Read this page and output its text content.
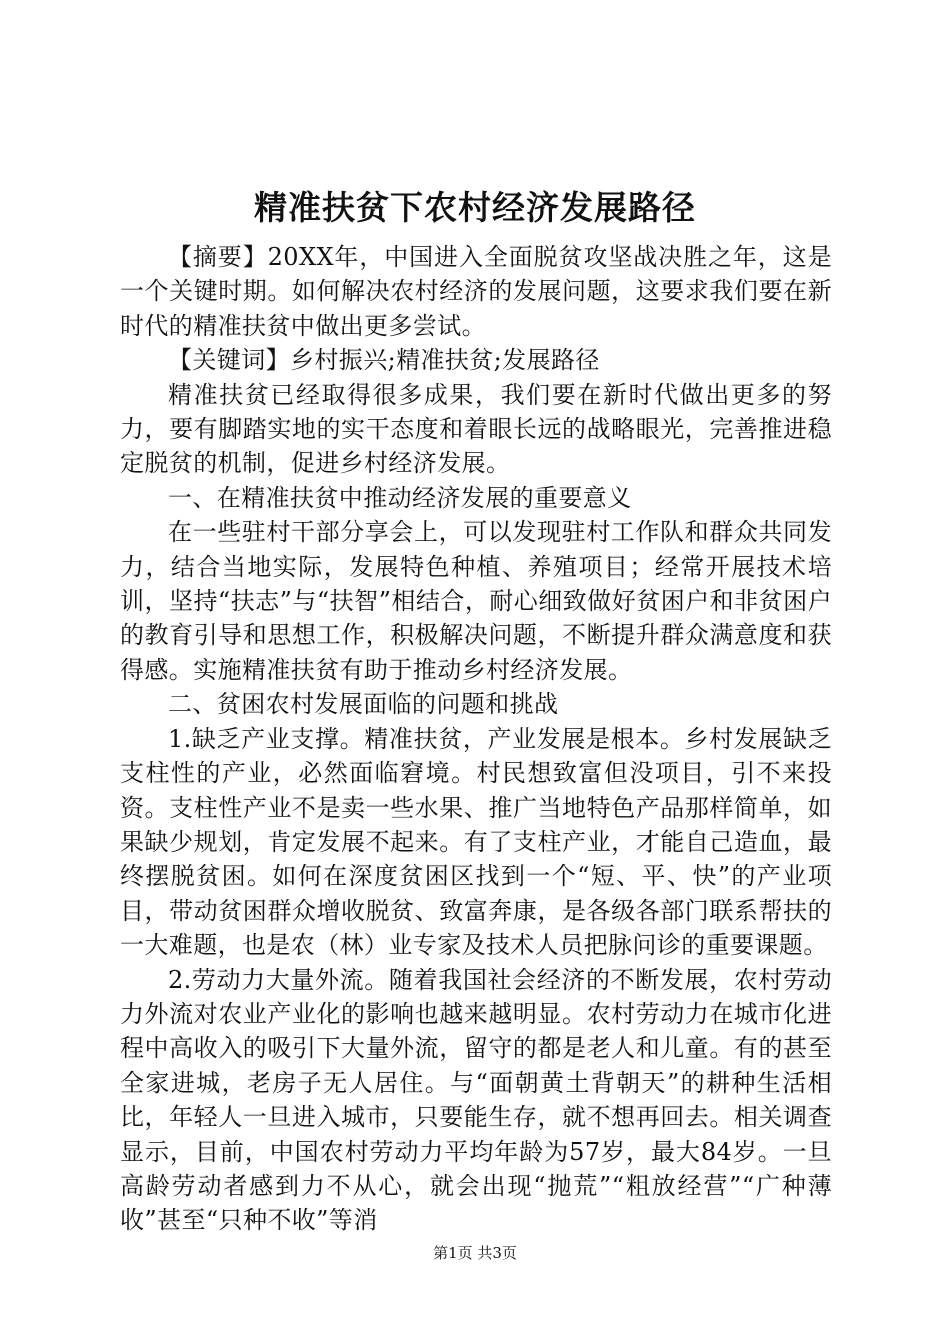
精准扶贫下农村经济发展路径

【摘要】20XX年，中国进入全面脱贫攻坚战决胜之年，这是一个关键时期。如何解决农村经济的发展问题，这要求我们要在新时代的精准扶贫中做出更多尝试。

【关键词】乡村振兴;精准扶贫;发展路径

精准扶贫已经取得很多成果，我们要在新时代做出更多的努力，要有脚踏实地的实干态度和着眼长远的战略眼光，完善推进稳定脱贫的机制，促进乡村经济发展。

一、在精准扶贫中推动经济发展的重要意义

在一些驻村干部分享会上，可以发现驻村工作队和群众共同发力，结合当地实际，发展特色种植、养殖项目；经常开展技术培训，坚持“扶志”与“扶智”相结合，耐心细致做好贫困户和非贫困户的教育引导和思想工作，积极解决问题，不断提升群众满意度和获得感。实施精准扶贫有助于推动乡村经济发展。

二、贫困农村发展面临的问题和挑战

1.缺乏产业支撑。精准扶贫，产业发展是根本。乡村发展缺乏支柱性的产业，必然面临窘境。村民想致富但没项目，引不来投资。支柱性产业不是卖一些水果、推广当地特色产品那样简单，如果缺少规划，肯定发展不起来。有了支柱产业，才能自己造血，最终摆脱贫困。如何在深度贫困区找到一个“短、平、快”的产业项目，带动贫困群众增收脱贫、致富奔康，是各级各部门联系帮扶的一大难题，也是农（林）业专家及技术人员把脉问诊的重要课题。

2.劳动力大量外流。随着我国社会经济的不断发展，农村劳动力外流对农业产业化的影响也越来越明显。农村劳动力在城市化进程中高收入的吸引下大量外流，留守的都是老人和儿童。有的甚至全家进城，老房子无人居住。与“面朝黄土背朝天”的耕种生活相比，年轻人一旦进入城市，只要能生存，就不想再回去。相关调查显示，目前，中国农村劳动力平均年龄为57岁，最大84岁。一旦高龄劳动者感到力不从心，就会出现“抛荒”“粗放经营”“广种薄收”甚至“只种不收”等消

第1页 共3页
